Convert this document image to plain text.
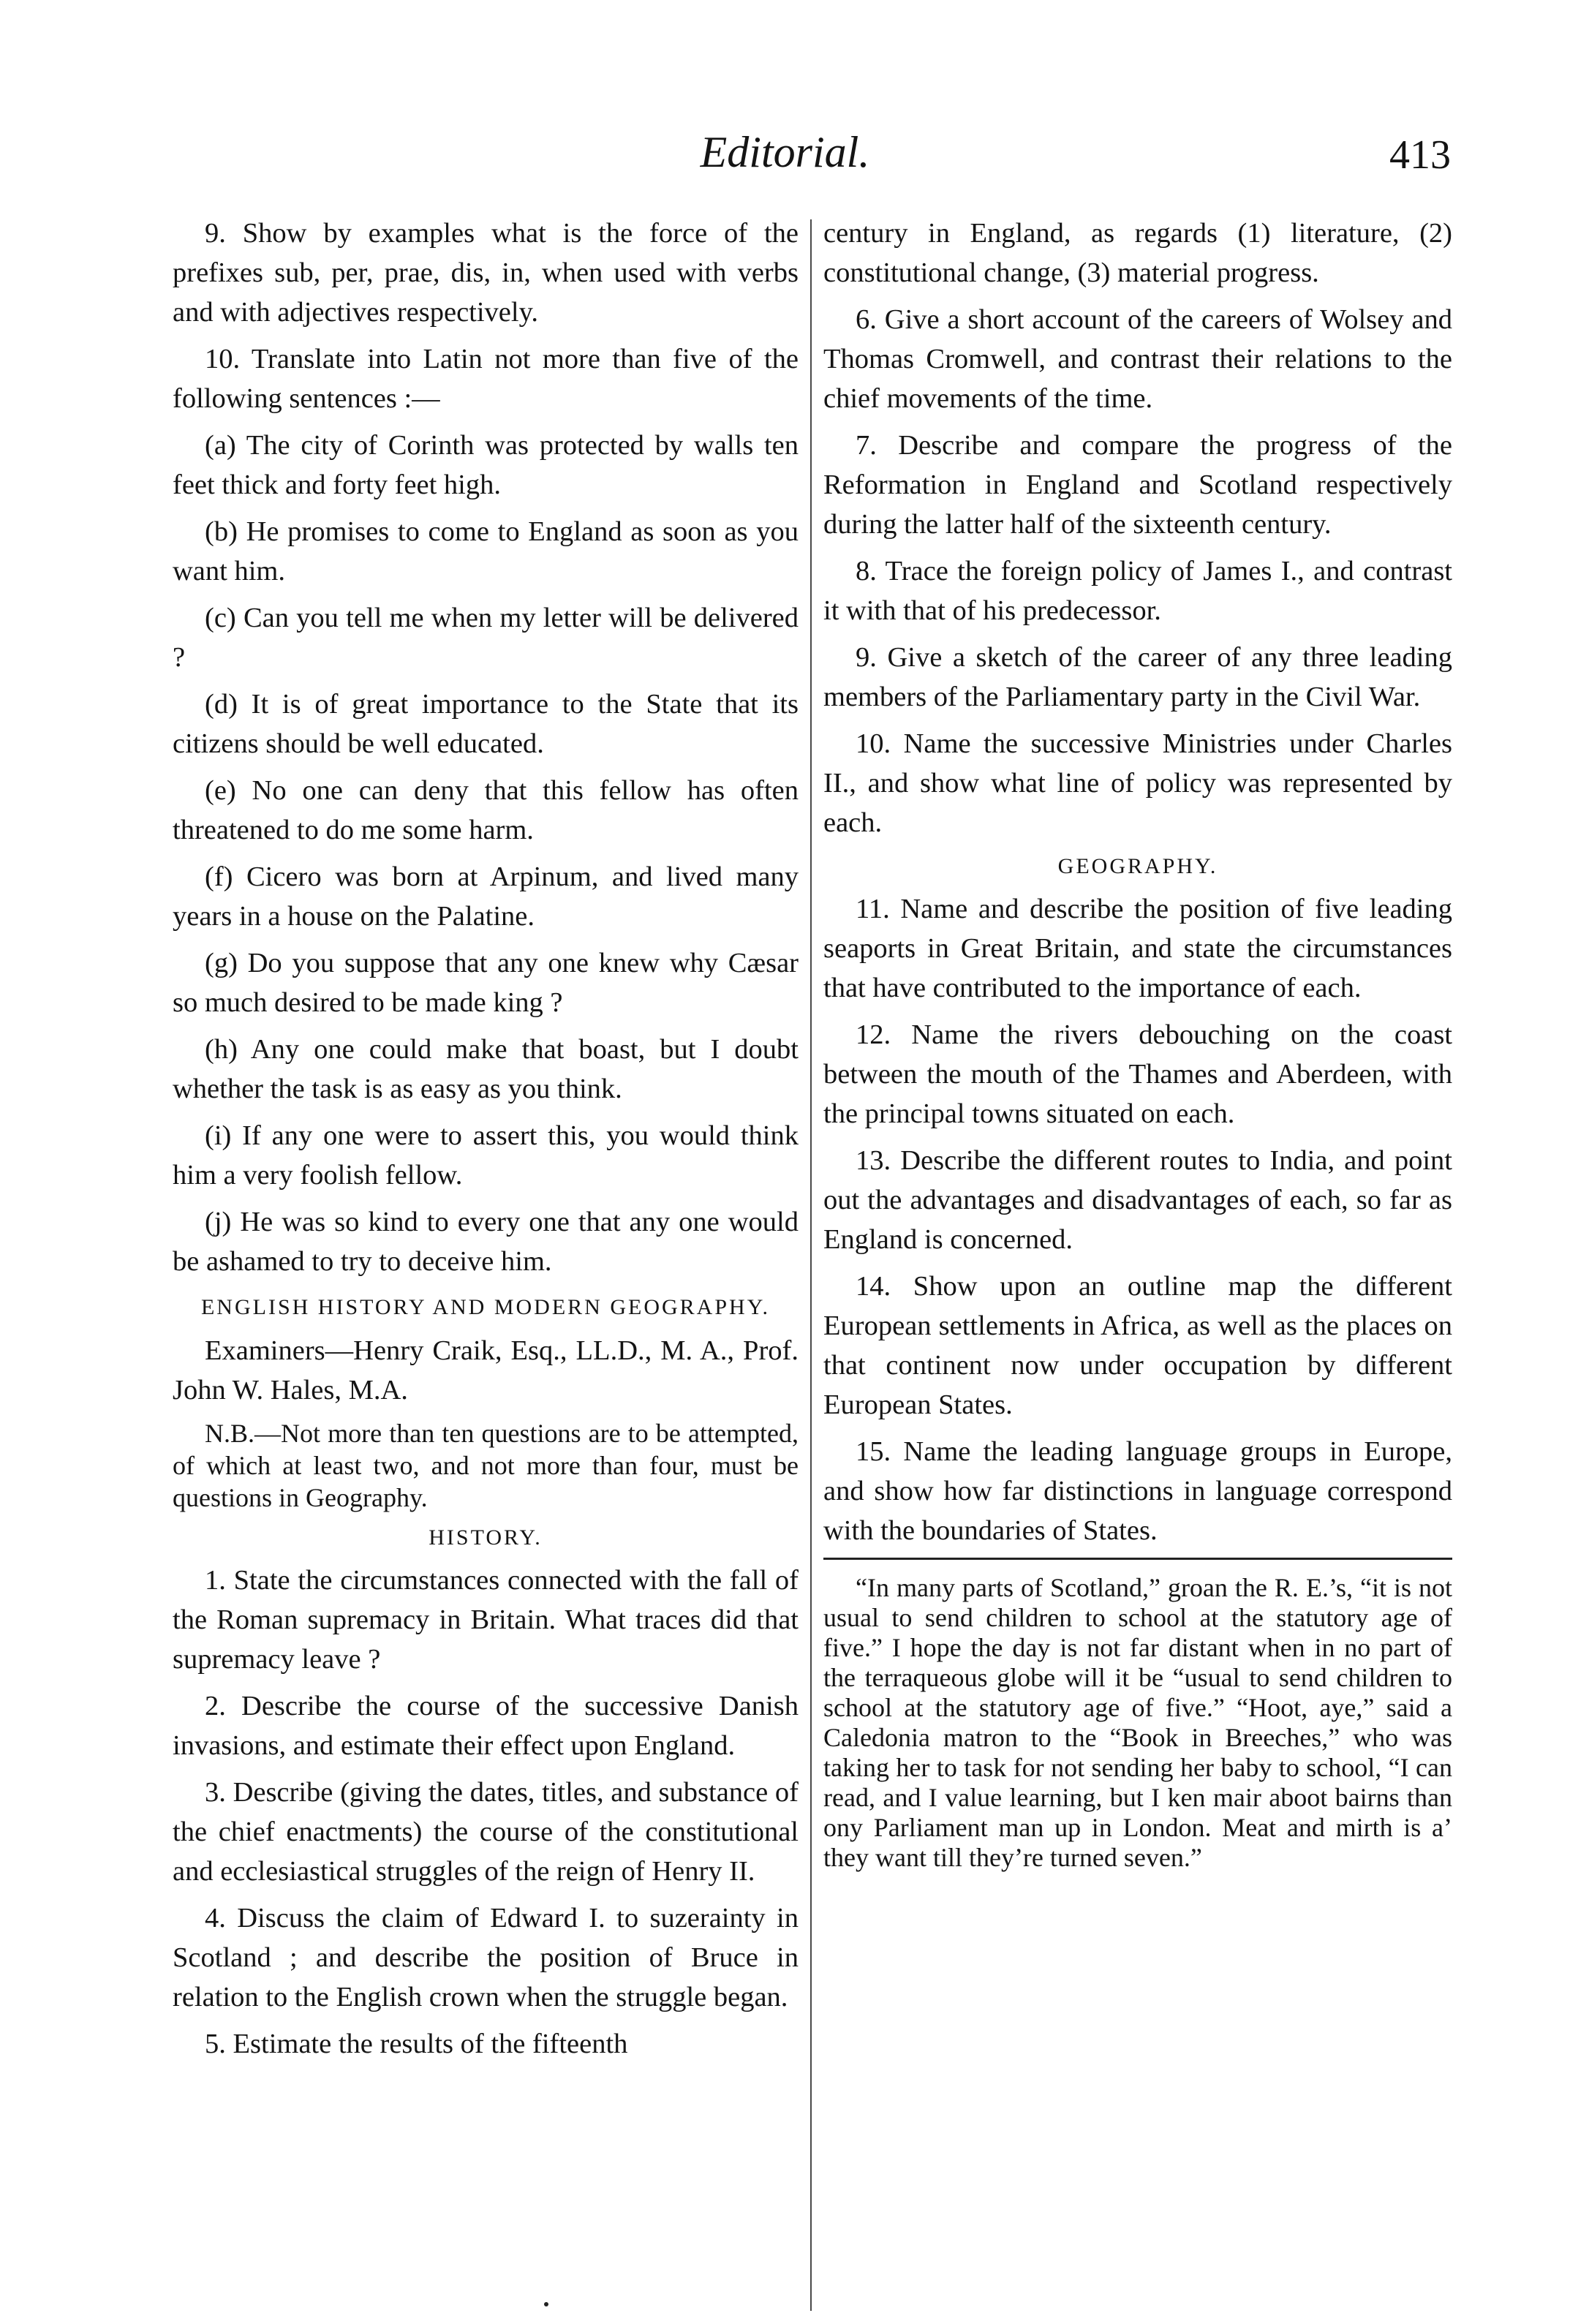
Editorial.	413

9. Show by examples what is the force of the prefixes sub, per, prae, dis, in, when used with verbs and with adjectives respectively.

10. Translate into Latin not more than five of the following sentences :—

(a) The city of Corinth was protected by walls ten feet thick and forty feet high.

(b) He promises to come to England as soon as you want him.

(c) Can you tell me when my letter will be delivered ?

(d) It is of great importance to the State that its citizens should be well educated.

(e) No one can deny that this fellow has often threatened to do me some harm.

(f) Cicero was born at Arpinum, and lived many years in a house on the Palatine.

(g) Do you suppose that any one knew why Cæsar so much desired to be made king ?

(h) Any one could make that boast, but I doubt whether the task is as easy as you think.

(i) If any one were to assert this, you would think him a very foolish fellow.

(j) He was so kind to every one that any one would be ashamed to try to deceive him.

ENGLISH HISTORY AND MODERN GEOGRAPHY.

Examiners—Henry Craik, Esq., LL.D., M. A., Prof. John W. Hales, M.A.

N.B.—Not more than ten questions are to be attempted, of which at least two, and not more than four, must be questions in Geography.

HISTORY.

1. State the circumstances connected with the fall of the Roman supremacy in Britain. What traces did that supremacy leave ?

2. Describe the course of the successive Danish invasions, and estimate their effect upon England.

3. Describe (giving the dates, titles, and substance of the chief enactments) the course of the constitutional and ecclesiastical struggles of the reign of Henry II.

4. Discuss the claim of Edward I. to suzerainty in Scotland ; and describe the position of Bruce in relation to the English crown when the struggle began.

5. Estimate the results of the fifteenth

century in England, as regards (1) literature, (2) constitutional change, (3) material progress.

6. Give a short account of the careers of Wolsey and Thomas Cromwell, and contrast their relations to the chief movements of the time.

7. Describe and compare the progress of the Reformation in England and Scotland respectively during the latter half of the sixteenth century.

8. Trace the foreign policy of James I., and contrast it with that of his predecessor.

9. Give a sketch of the career of any three leading members of the Parliamentary party in the Civil War.

10. Name the successive Ministries under Charles II., and show what line of policy was represented by each.

GEOGRAPHY.

11. Name and describe the position of five leading seaports in Great Britain, and state the circumstances that have contributed to the importance of each.

12. Name the rivers debouching on the coast between the mouth of the Thames and Aberdeen, with the principal towns situated on each.

13. Describe the different routes to India, and point out the advantages and disadvantages of each, so far as England is concerned.

14. Show upon an outline map the different European settlements in Africa, as well as the places on that continent now under occupation by different European States.

15. Name the leading language groups in Europe, and show how far distinctions in language correspond with the boundaries of States.

“In many parts of Scotland,” groan the R. E.’s, “it is not usual to send children to school at the statutory age of five.” I hope the day is not far distant when in no part of the terraqueous globe will it be “usual to send children to school at the statutory age of five.” “Hoot, aye,” said a Caledonia matron to the “Book in Breeches,” who was taking her to task for not sending her baby to school, “I can read, and I value learning, but I ken mair aboot bairns than ony Parliament man up in London. Meat and mirth is a’ they want till they’re turned seven.”
